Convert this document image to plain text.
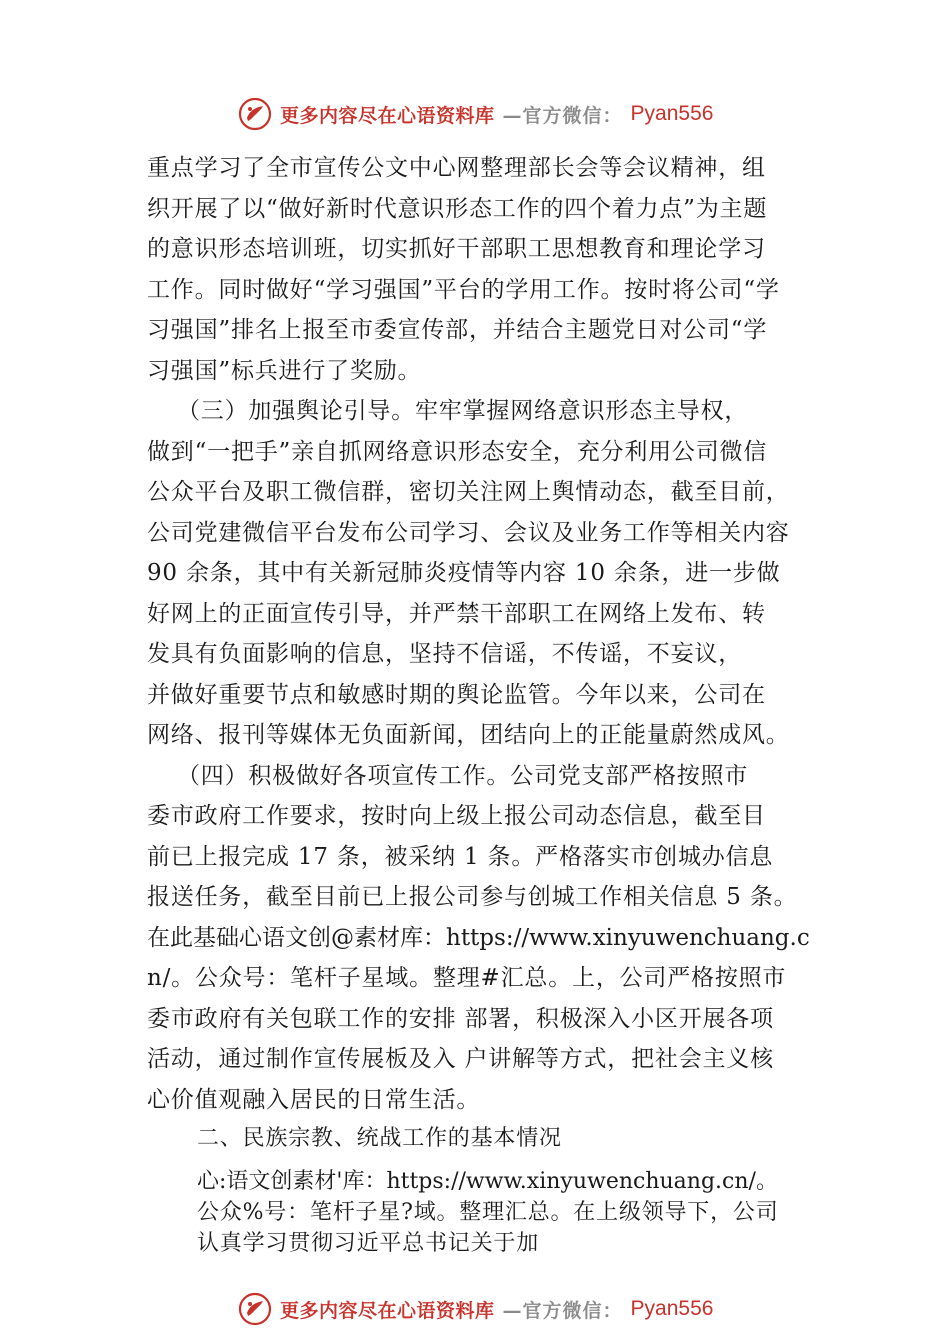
更多内容尽在心语资料库 —官方微信： Pyan556
重点学习了全市宣传公文中心网整理部长会等会议精神，组
织开展了以“做好新时代意识形态工作的四个着力点”为主题
的意识形态培训班，切实抓好干部职工思想教育和理论学习
工作。同时做好“学习强国”平台的学用工作。按时将公司“学
习强国”排名上报至市委宣传部，并结合主题党日对公司“学
习强国”标兵进行了奖励。
（三）加强舆论引导。牢牢掌握网络意识形态主导权，
做到“一把手”亲自抓网络意识形态安全，充分利用公司微信
公众平台及职工微信群，密切关注网上舆情动态，截至目前，
公司党建微信平台发布公司学习、会议及业务工作等相关内容
90 余条，其中有关新冠肺炎疫情等内容 10 余条，进一步做
好网上的正面宣传引导，并严禁干部职工在网络上发布、转
发具有负面影响的信息，坚持不信谣，不传谣，不妄议，
并做好重要节点和敏感时期的舆论监管。今年以来，公司在
网络、报刊等媒体无负面新闻，团结向上的正能量蔚然成风。
（四）积极做好各项宣传工作。公司党支部严格按照市
委市政府工作要求，按时向上级上报公司动态信息，截至目
前已上报完成 17 条，被采纳 1 条。严格落实市创城办信息
报送任务，截至目前已上报公司参与创城工作相关信息 5 条。
在此基础心语文创@素材库：https://www.xinyuwenchuang.c
n/。公众号：笔杆子星域。整理#汇总。上，公司严格按照市
委市政府有关包联工作的安排 部署，积极深入小区开展各项
活动，通过制作宣传展板及入 户讲解等方式，把社会主义核
心价值观融入居民的日常生活。
二、民族宗教、统战工作的基本情况
心:语文创素材'库：https://www.xinyuwenchuang.cn/。
公众%号：笔杆子星?域。整理汇总。在上级领导下，公司
认真学习贯彻习近平总书记关于加
更多内容尽在心语资料库 —官方微信： Pyan556
